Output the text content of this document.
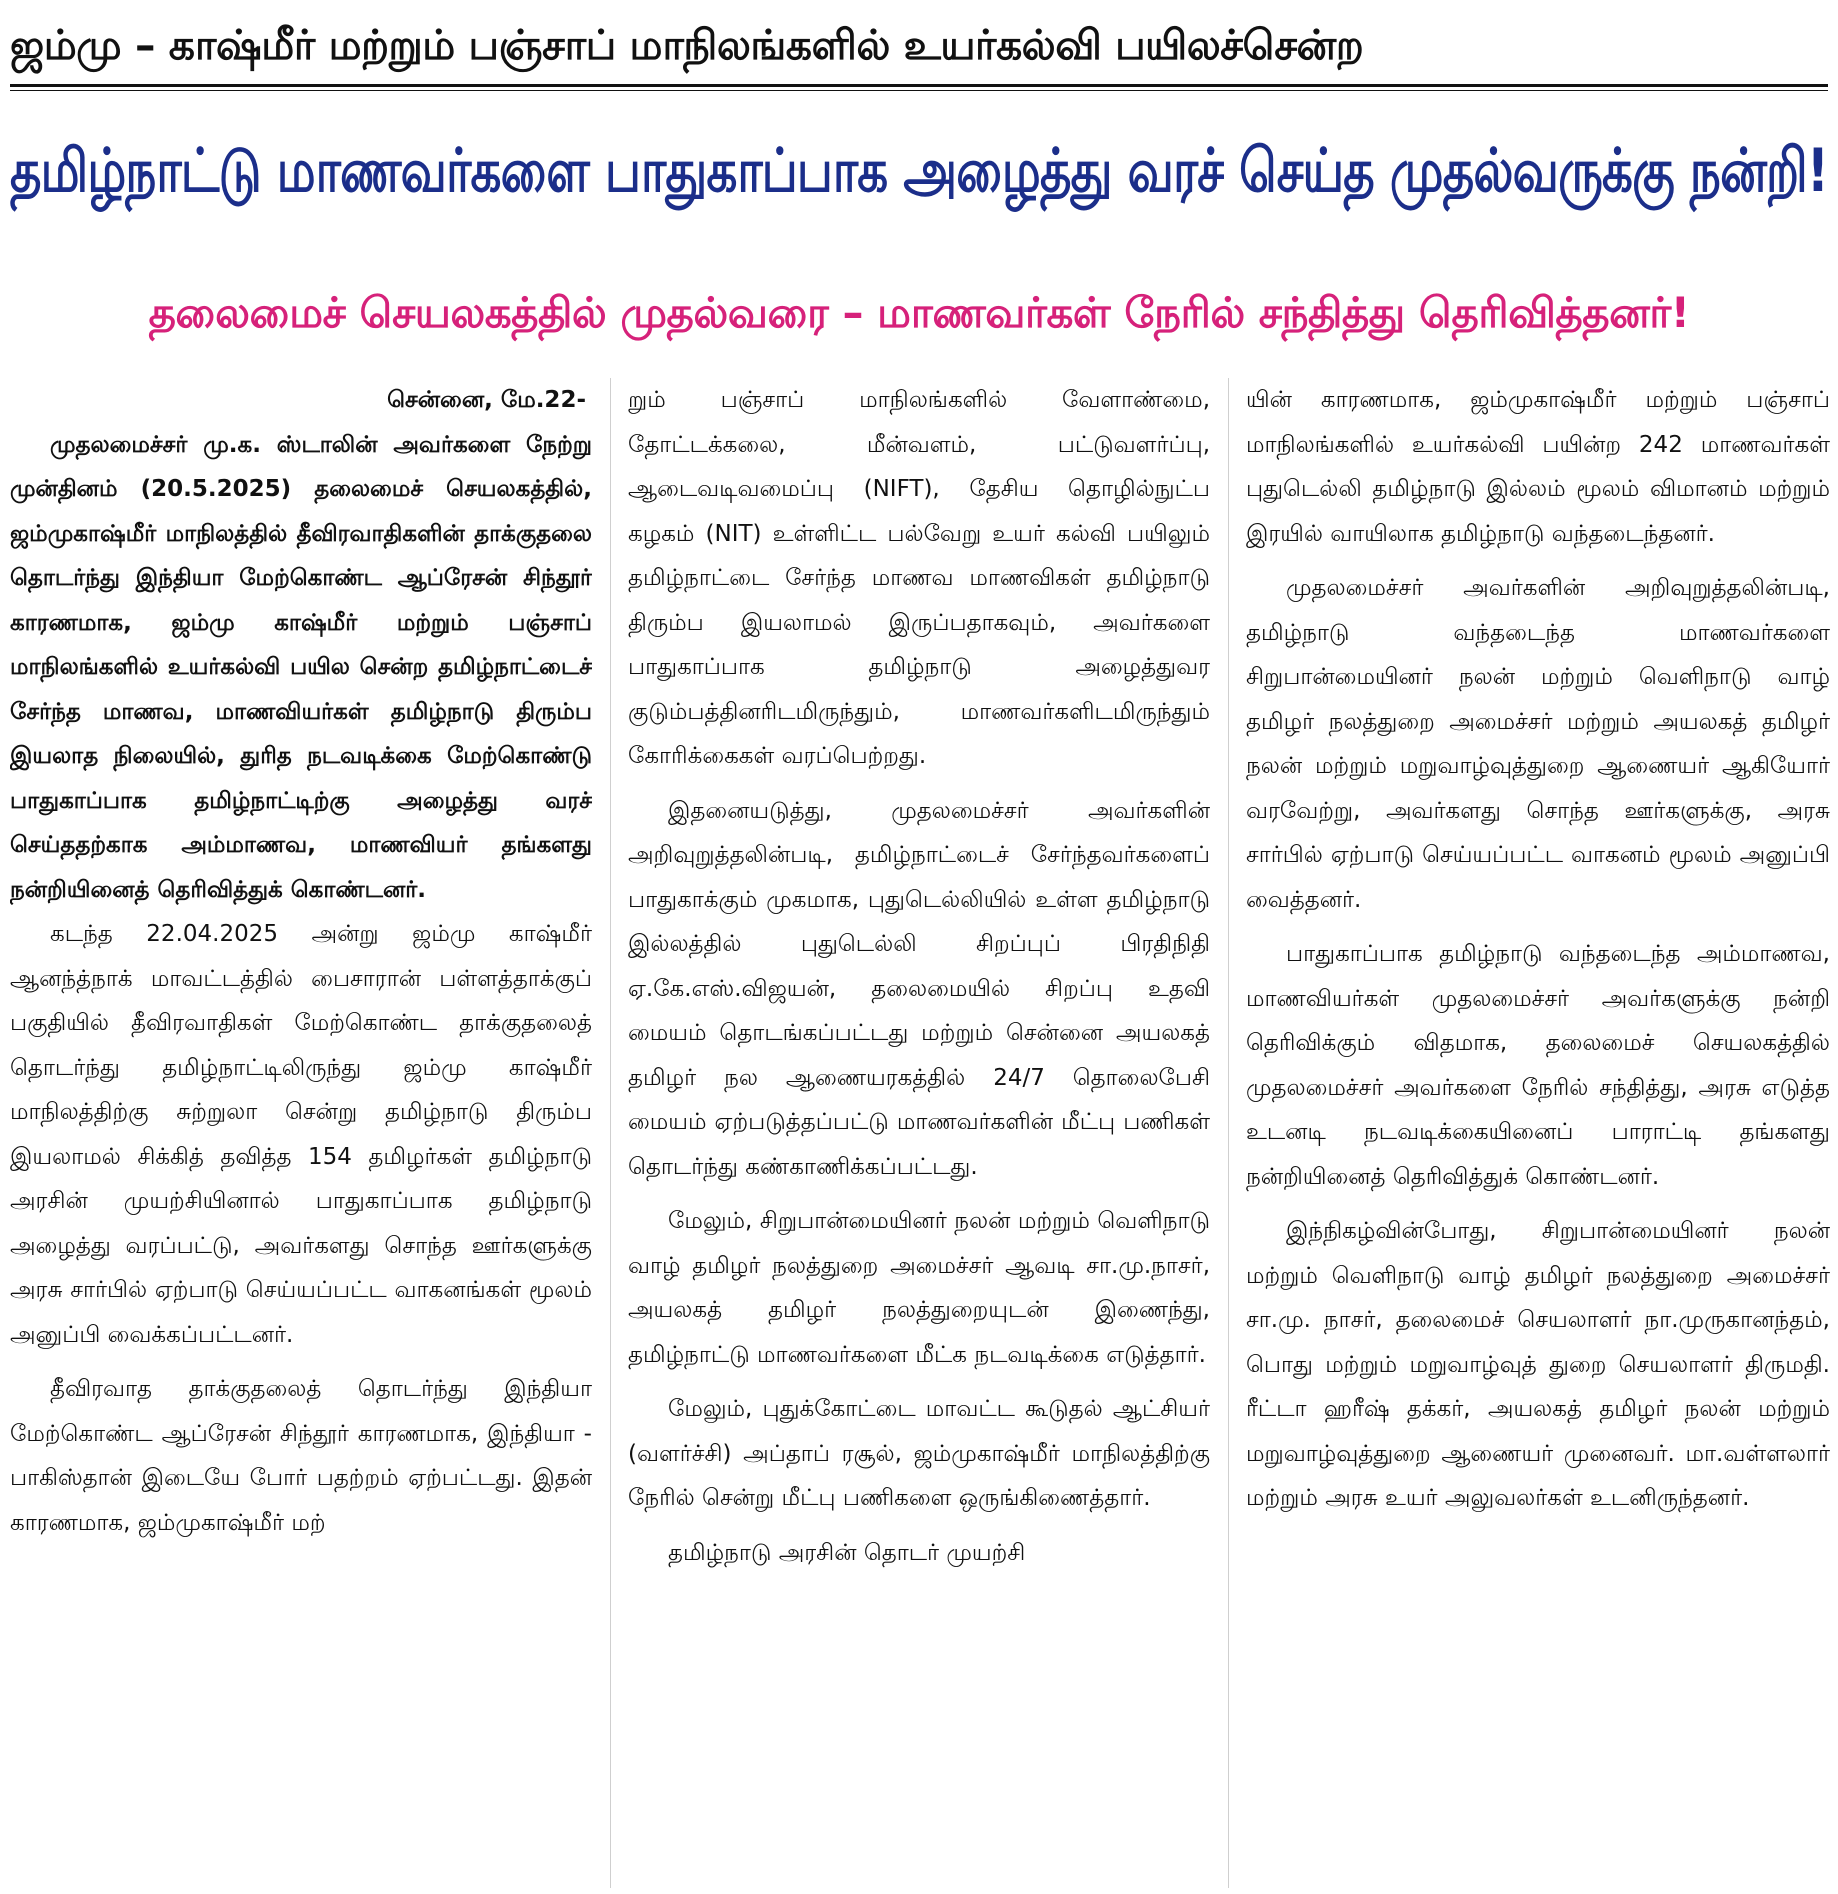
ஜம்மு – காஷ்மீர் மற்றும் பஞ்சாப் மாநிலங்களில் உயர்கல்வி பயிலச்சென்ற
தமிழ்நாட்டு மாணவர்களை பாதுகாப்பாக அழைத்து வரச் செய்த முதல்வருக்கு நன்றி!
தலைமைச் செயலகத்தில் முதல்வரை – மாணவர்கள் நேரில் சந்தித்து தெரிவித்தனர்!

சென்னை, மே.22-

முதலமைச்சர் மு.க. ஸ்டாலின் அவர்களை நேற்று முன்தினம் (20.5.2025) தலைமைச் செயலகத்தில், ஜம்முகாஷ்மீர் மாநிலத்தில் தீவிரவாதிகளின் தாக்குதலை தொடர்ந்து இந்தியா மேற்கொண்ட ஆப்ரேசன் சிந்தூர் காரணமாக, ஜம்மு காஷ்மீர் மற்றும் பஞ்சாப் மாநிலங்களில் உயர்கல்வி பயில சென்ற தமிழ்நாட்டைச் சேர்ந்த மாணவ, மாணவியர்கள் தமிழ்நாடு திரும்ப இயலாத நிலையில், துரித நடவடிக்கை மேற்கொண்டு பாதுகாப்பாக தமிழ்நாட்டிற்கு அழைத்து வரச் செய்ததற்காக அம்மாணவ, மாணவியர் தங்களது நன்றியினைத் தெரிவித்துக் கொண்டனர்.

கடந்த 22.04.2025 அன்று ஜம்மு காஷ்மீர் ஆனந்த்நாக் மாவட்டத்தில் பைசாரான் பள்ளத்தாக்குப் பகுதியில் தீவிரவாதிகள் மேற்கொண்ட தாக்குதலைத் தொடர்ந்து தமிழ்நாட்டிலிருந்து ஜம்மு காஷ்மீர் மாநிலத்திற்கு சுற்றுலா சென்று தமிழ்நாடு திரும்ப இயலாமல் சிக்கித் தவித்த 154 தமிழர்கள் தமிழ்நாடு அரசின் முயற்சியினால் பாதுகாப்பாக தமிழ்நாடு அழைத்து வரப்பட்டு, அவர்களது சொந்த ஊர்களுக்கு அரசு சார்பில் ஏற்பாடு செய்யப்பட்ட வாகனங்கள் மூலம் அனுப்பி வைக்கப்பட்டனர்.

தீவிரவாத தாக்குதலைத் தொடர்ந்து இந்தியா மேற்கொண்ட ஆப்ரேசன் சிந்தூர் காரணமாக, இந்தியா - பாகிஸ்தான் இடையே போர் பதற்றம் ஏற்பட்டது. இதன் காரணமாக, ஜம்முகாஷ்மீர் மற்

றும் பஞ்சாப் மாநிலங்களில் வேளாண்மை, தோட்டக்கலை, மீன்வளம், பட்டுவளர்ப்பு, ஆடைவடிவமைப்பு (NIFT), தேசிய தொழில்நுட்ப கழகம் (NIT) உள்ளிட்ட பல்வேறு உயர் கல்வி பயிலும் தமிழ்நாட்டை சேர்ந்த மாணவ மாணவிகள் தமிழ்நாடு திரும்ப இயலாமல் இருப்பதாகவும், அவர்களை பாதுகாப்பாக தமிழ்நாடு அழைத்துவர குடும்பத்தினரிடமிருந்தும், மாணவர்களிடமிருந்தும் கோரிக்கைகள் வரப்பெற்றது.

இதனையடுத்து, முதலமைச்சர் அவர்களின் அறிவுறுத்தலின்படி, தமிழ்நாட்டைச் சேர்ந்தவர்களைப் பாதுகாக்கும் முகமாக, புதுடெல்லியில் உள்ள தமிழ்நாடு இல்லத்தில் புதுடெல்லி சிறப்புப் பிரதிநிதி ஏ.கே.எஸ்.விஜயன், தலைமையில் சிறப்பு உதவி மையம் தொடங்கப்பட்டது மற்றும் சென்னை அயலகத் தமிழர் நல ஆணையரகத்தில் 24/7 தொலைபேசி மையம் ஏற்படுத்தப்பட்டு மாணவர்களின் மீட்பு பணிகள் தொடர்ந்து கண்காணிக்கப்பட்டது.

மேலும், சிறுபான்மையினர் நலன் மற்றும் வெளிநாடு வாழ் தமிழர் நலத்துறை அமைச்சர் ஆவடி சா.மு.நாசர், அயலகத் தமிழர் நலத்துறையுடன் இணைந்து, தமிழ்நாட்டு மாணவர்களை மீட்க நடவடிக்கை எடுத்தார்.

மேலும், புதுக்கோட்டை மாவட்ட கூடுதல் ஆட்சியர் (வளர்ச்சி) அப்தாப் ரசூல், ஜம்முகாஷ்மீர் மாநிலத்திற்கு நேரில் சென்று மீட்பு பணிகளை ஒருங்கிணைத்தார்.

தமிழ்நாடு அரசின் தொடர் முயற்சி

யின் காரணமாக, ஜம்முகாஷ்மீர் மற்றும் பஞ்சாப் மாநிலங்களில் உயர்கல்வி பயின்ற 242 மாணவர்கள் புதுடெல்லி தமிழ்நாடு இல்லம் மூலம் விமானம் மற்றும் இரயில் வாயிலாக தமிழ்நாடு வந்தடைந்தனர்.

முதலமைச்சர் அவர்களின் அறிவுறுத்தலின்படி, தமிழ்நாடு வந்தடைந்த மாணவர்களை சிறுபான்மையினர் நலன் மற்றும் வெளிநாடு வாழ் தமிழர் நலத்துறை அமைச்சர் மற்றும் அயலகத் தமிழர் நலன் மற்றும் மறுவாழ்வுத்துறை ஆணையர் ஆகியோர் வரவேற்று, அவர்களது சொந்த ஊர்களுக்கு, அரசு சார்பில் ஏற்பாடு செய்யப்பட்ட வாகனம் மூலம் அனுப்பி வைத்தனர்.

பாதுகாப்பாக தமிழ்நாடு வந்தடைந்த அம்மாணவ, மாணவியர்கள் முதலமைச்சர் அவர்களுக்கு நன்றி தெரிவிக்கும் விதமாக, தலைமைச் செயலகத்தில் முதலமைச்சர் அவர்களை நேரில் சந்தித்து, அரசு எடுத்த உடனடி நடவடிக்கையினைப் பாராட்டி தங்களது நன்றியினைத் தெரிவித்துக் கொண்டனர்.

இந்நிகழ்வின்போது, சிறுபான்மையினர் நலன் மற்றும் வெளிநாடு வாழ் தமிழர் நலத்துறை அமைச்சர் சா.மு. நாசர், தலைமைச் செயலாளர் நா.முருகானந்தம், பொது மற்றும் மறுவாழ்வுத் துறை செயலாளர் திருமதி. ரீட்டா ஹரீஷ் தக்கர், அயலகத் தமிழர் நலன் மற்றும் மறுவாழ்வுத்துறை ஆணையர் முனைவர். மா.வள்ளலார் மற்றும் அரசு உயர் அலுவலர்கள் உடனிருந்தனர்.
